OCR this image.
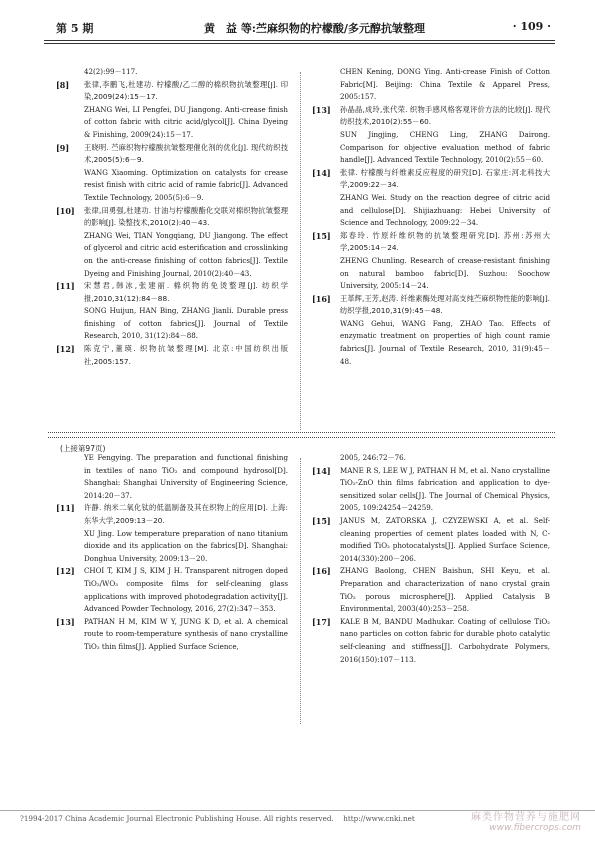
第 5 期	黄　益 等:苎麻织物的柠檬酸/多元醇抗皱整理	· 109 ·
42(2):99－117.
[8] 张律,李鹏飞,杜建功. 柠檬酸/乙二醇的棉织物抗皱整理[J]. 印染,2009(24):15－17.
ZHANG Wei, LI Pengfei, DU Jiangong. Anti-crease finish of cotton fabric with citric acid/glycol[J]. China Dyeing & Finishing, 2009(24):15－17.
[9] 王晓明. 苎麻织物柠檬酸抗皱整理催化剂的优化[J]. 现代纺织技术,2005(5):6－9.
WANG Xiaoming. Optimization on catalysts for crease resist finish with citric acid of ramie fabric[J]. Advanced Textile Technology, 2005(5):6－9.
[10] 张律,田勇强,杜建功. 甘油与柠檬酸酯化交联对棉织物抗皱整理的影响[J]. 染整技术,2010(2):40－43.
ZHANG Wei, TIAN Yongqiang, DU Jiangong. The effect of glycerol and citric acid esterification and crosslinking on the anti-crease finishing of cotton fabrics[J]. Textile Dyeing and Finishing Journal, 2010(2):40－43.
[11] 宋慧君,韩冰,张建丽. 棉织物的免烫整理[J]. 纺织学报,2010,31(12):84－88.
SONG Huijun, HAN Bing, ZHANG Jianli. Durable press finishing of cotton fabrics[J]. Journal of Textile Research, 2010, 31(12):84－88.
[12] 陈克宁,董瑛. 织物抗皱整理[M]. 北京:中国纺织出版社,2005:157.
CHEN Kening, DONG Ying. Anti-crease Finish of Cotton Fabric[M]. Beijing: China Textile & Apparel Press, 2005:157.
[13] 孙晶晶,成玲,张代荣. 织物手感风格客观评价方法的比较[J]. 现代纺织技术,2010(2):55－60.
SUN Jingjing, CHENG Ling, ZHANG Dairong. Comparison for objective evaluation method of fabric handle[J]. Advanced Textile Technology, 2010(2):55－60.
[14] 张律. 柠檬酸与纤维素反应程度的研究[D]. 石家庄:河北科技大学,2009:22－34.
ZHANG Wei. Study on the reaction degree of citric acid and cellulose[D]. Shijiazhuang: Hebei University of Science and Technology, 2009:22－34.
[15] 郑春玲. 竹原纤维织物的抗皱整理研究[D]. 苏州:苏州大学,2005:14－24.
ZHENG Chunling. Research of crease-resistant finishing on natural bamboo fabric[D]. Suzhou: Soochow University, 2005:14－24.
[16] 王革辉,王芳,赵涛. 纤维素酶处理对高支纯苎麻织物性能的影响[J]. 纺织学报,2010,31(9):45－48.
WANG Gehui, WANG Fang, ZHAO Tao. Effects of enzymatic treatment on properties of high count ramie fabrics[J]. Journal of Textile Research, 2010, 31(9):45－48.
(上接第97页)
YE Fengying. The preparation and functional finishing in textiles of nano TiO₂ and compound hydrosol[D]. Shanghai: Shanghai University of Engineering Science, 2014:20－37.
[11] 许静. 纳米二氧化钛的低温制备及其在织物上的应用[D]. 上海:东华大学,2009:13－20.
XU Jing. Low temperature preparation of nano titanium dioxide and its application on the fabrics[D]. Shanghai: Donghua University, 2009:13－20.
[12] CHOI T, KIM J S, KIM J H. Transparent nitrogen doped TiO₂/WO₃ composite films for self-cleaning glass applications with improved photodegradation activity[J]. Advanced Powder Technology, 2016, 27(2):347－353.
[13] PATHAN H M, KIM W Y, JUNG K D, et al. A chemical route to room-temperature synthesis of nano crystalline TiO₂ thin films[J]. Applied Surface Science,
2005, 246:72－76.
[14] MANE R S, LEE W J, PATHAN H M, et al. Nano crystalline TiO₂-ZnO thin films fabrication and application to dye-sensitized solar cells[J]. The Journal of Chemical Physics, 2005, 109:24254－24259.
[15] JANUS M, ZATORSKA J, CZYZEWSKI A, et al. Self-cleaning properties of cement plates loaded with N, C-modified TiO₂ photocatalysts[J]. Applied Surface Science, 2014(330):200－206.
[16] ZHANG Baolong, CHEN Baishun, SHI Keyu, et al. Preparation and characterization of nano crystal grain TiO₂ porous microsphere[J]. Applied Catalysis B Environmental, 2003(40):253－258.
[17] KALE B M, BANDU Madhukar. Coating of cellulose TiO₂ nano particles on cotton fabric for durable photo catalytic self-cleaning and stiffness[J]. Carbohydrate Polymers, 2016(150):107－113.
?1994-2017 China Academic Journal Electronic Publishing House. All rights reserved.　 http://www.cnki.net	麻类作物营养与施肥网
www.fibercrops.com
